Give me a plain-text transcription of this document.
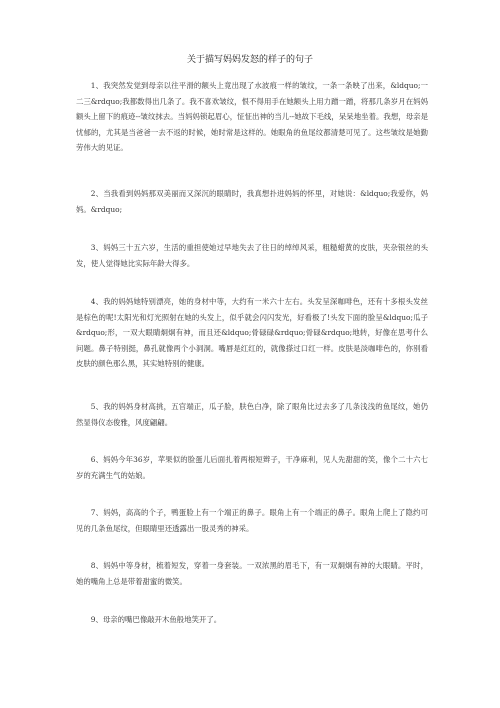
关于描写妈妈发怒的样子的句子

1、我突然发觉到母亲以往平滑的额头上竟出现了水波痕一样的皱纹，一条一条映了出来，&ldquo;一二三&rdquo;我都数得出几条了。我不喜欢皱纹，恨不得用手在她额头上用力蹭一蹭，将那几条岁月在妈妈额头上留下的痕迹--皱纹抹去。当妈妈锁起眉心，怔怔出神的当儿--她故下毛线，呆呆地坐着。我想，母亲是忧郁的，尤其是当爸爸一去不返的时候，她时常是这样的。她眼角的鱼尾纹都清楚可见了。这些皱纹是她勤劳伟大的见证。

2、当我看到妈妈那双美丽而又深沉的眼睛时，我真想扑进妈妈的怀里，对她说：&ldquo;我爱你，妈妈。&rdquo;

3、妈妈三十五六岁，生活的重担使她过早地失去了往日的绰绰风采，粗糙蜡黄的皮肤，夹杂银丝的头发，使人觉得她比实际年龄大得多。

4、我的妈妈她特别漂亮，她的身材中等，大约有一米六十左右。头发呈深咖啡色，还有十多根头发丝是棕色的呢!太阳光和灯光照射在她的头发上，似乎就会闪闪发光，好看极了!头发下面的脸呈&ldquo;瓜子&rdquo;形，一双大眼睛炯炯有神，而且还&ldquo;骨碌碌&rdquo;骨碌&rdquo;地转，好像在思考什么问题。鼻子特别挺，鼻孔就像两个小洞洞。嘴唇是红红的，就像搽过口红一样。皮肤是淡咖啡色的，你别看皮肤的颜色那么黑，其实她特别的健康。

5、我的妈妈身材高挑，五官端正，瓜子脸，肤色白净，除了眼角比过去多了几条浅浅的鱼尾纹，她仍然显得仪态俊雅，风度翩翩。

6、妈妈今年36岁，苹果似的脸蛋儿后面扎着两根短辫子，干净麻利，见人先甜甜的笑，像个二十六七岁的充满生气的姑娘。

7、妈妈，高高的个子，鸭蛋脸上有一个端正的鼻子。眼角上有一个端正的鼻子。眼角上爬上了隐约可见的几条鱼尾纹，但眼睛里还透露出一股灵秀的神采。

8、妈妈中等身材，梳着短发，穿着一身套装。一双浓黑的眉毛下，有一双炯炯有神的大眼睛。平时，她的嘴角上总是带着甜蜜的微笑。

9、母亲的嘴巴像敲开木鱼般地笑开了。
